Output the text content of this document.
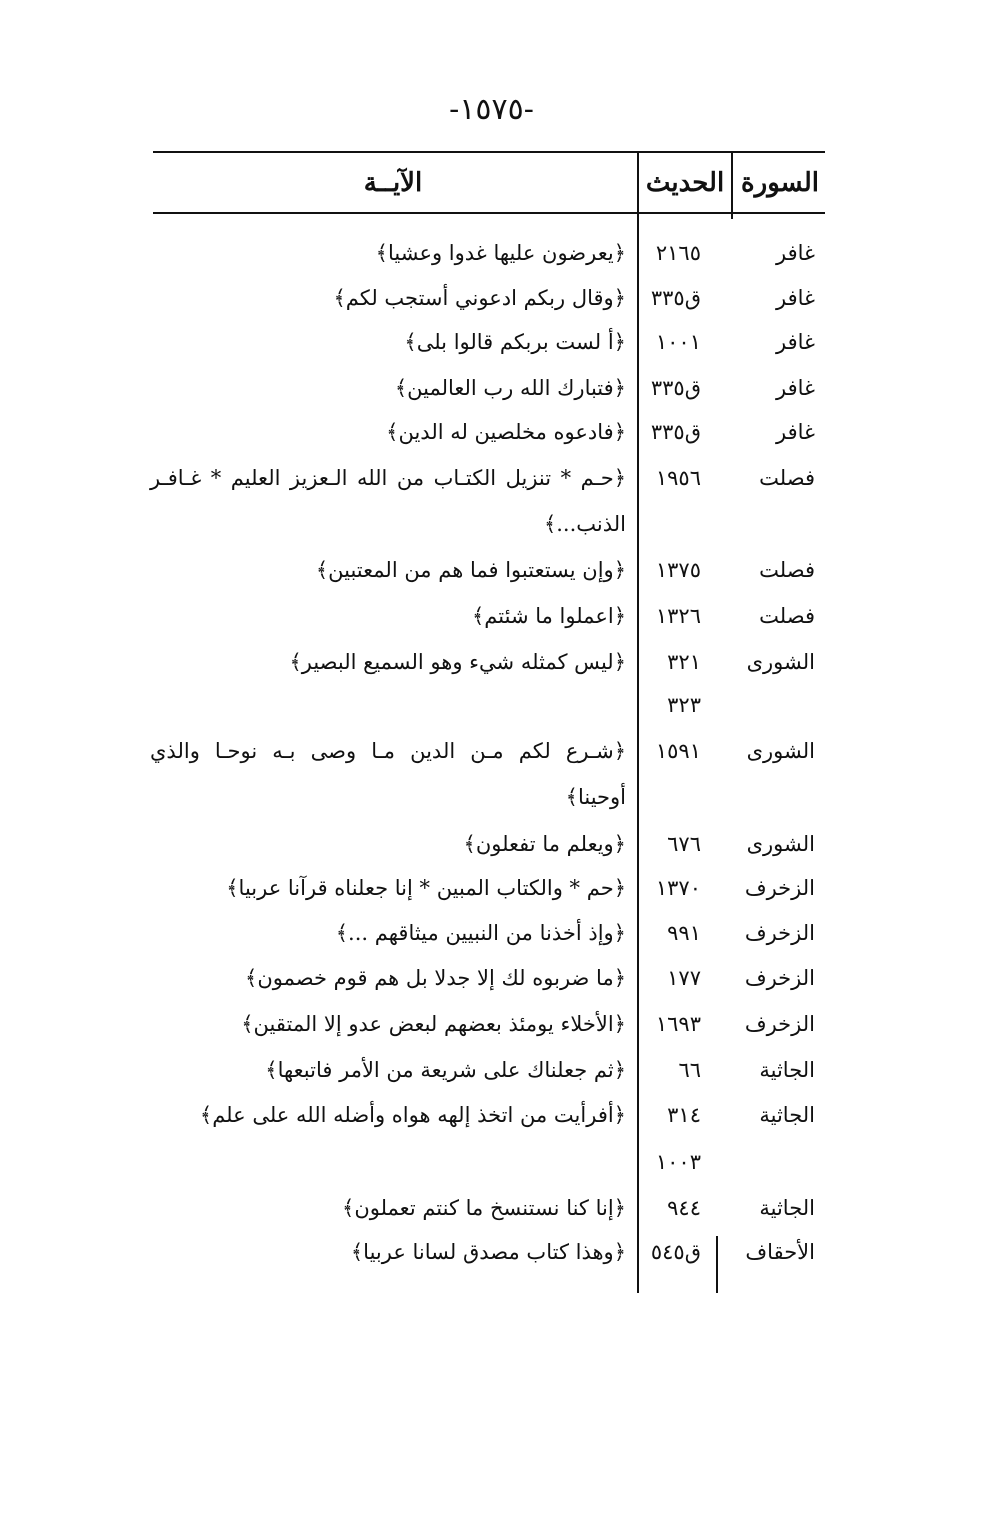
-١٥٧٥-
السورة
الحديث
الآيــة
غافر
٢١٦٥
﴿يعرضون عليها غدوا وعشيا﴾
غافر
ق٣٣٥
﴿وقال ربكم ادعوني أستجب لكم﴾
غافر
١٠٠١
﴿أ لست بربكم قالوا بلى﴾
غافر
ق٣٣٥
﴿فتبارك الله رب العالمين﴾
غافر
ق٣٣٥
﴿فادعوه مخلصين له الدين﴾
فصلت
١٩٥٦
﴿حـم * تنزيل الكتـاب من الله الـعزيز العليم * غـافـر
الذنب...﴾
فصلت
١٣٧٥
﴿وإن يستعتبوا فما هم من المعتبين﴾
فصلت
١٣٢٦
﴿اعملوا ما شئتم﴾
الشورى
٣٢١
﴿ليس كمثله شيء وهو السميع البصير﴾
٣٢٣
الشورى
١٥٩١
﴿شـرع لكم مـن الدين مـا وصى بـه نوحـا والذي
أوحينا﴾
الشورى
٦٧٦
﴿ويعلم ما تفعلون﴾
الزخرف
١٣٧٠
﴿حم * والكتاب المبين * إنا جعلناه قرآنا عربيا﴾
الزخرف
٩٩١
﴿وإذ أخذنا من النبيين ميثاقهم ...﴾
الزخرف
١٧٧
﴿ما ضربوه لك إلا جدلا بل هم قوم خصمون﴾
الزخرف
١٦٩٣
﴿الأخلاء يومئذ بعضهم لبعض عدو إلا المتقين﴾
الجاثية
٦٦
﴿ثم جعلناك على شريعة من الأمر فاتبعها﴾
الجاثية
٣١٤
﴿أفرأيت من اتخذ إلهه هواه وأضله الله على علم﴾
١٠٠٣
الجاثية
٩٤٤
﴿إنا كنا نستنسخ ما كنتم تعملون﴾
الأحقاف
ق٥٤٥
﴿وهذا كتاب مصدق لسانا عربيا﴾
